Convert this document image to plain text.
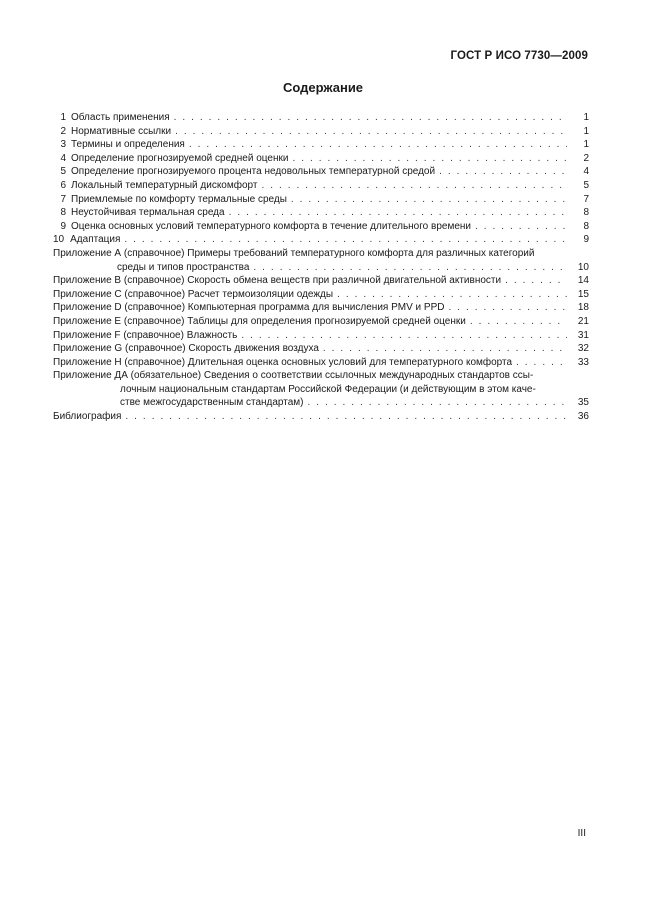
ГОСТ Р ИСО 7730—2009
Содержание
1 Область применения . . .	1
2 Нормативные ссылки . . .	1
3 Термины и определения . . .	1
4 Определение прогнозируемой средней оценки . . .	2
5 Определение прогнозируемого процента недовольных температурной средой . . .	4
6 Локальный температурный дискомфорт . . .	5
7 Приемлемые по комфорту термальные среды . . .	7
8 Неустойчивая термальная среда . . .	8
9 Оценка основных условий температурного комфорта в течение длительного времени . . .	8
10 Адаптация . . .	9
Приложение А (справочное) Примеры требований температурного комфорта для различных категорий
среды и типов пространства . . .	10
Приложение В (справочное) Скорость обмена веществ при различной двигательной активности . . .	14
Приложение С (справочное) Расчет термоизоляции одежды . . .	15
Приложение D (справочное) Компьютерная программа для вычисления PMV и PPD . . .	18
Приложение Е (справочное) Таблицы для определения прогнозируемой средней оценки . . .	21
Приложение F (справочное) Влажность . . .	31
Приложение G (справочное) Скорость движения воздуха . . .	32
Приложение Н (справочное) Длительная оценка основных условий для температурного комфорта . . .	33
Приложение ДА (обязательное) Сведения о соответствии ссылочных международных стандартов ссы-
лочным национальным стандартам Российской Федерации (и действующим в этом каче-
стве межгосударственным стандартам) . . .	35
Библиография . . .	36
III
